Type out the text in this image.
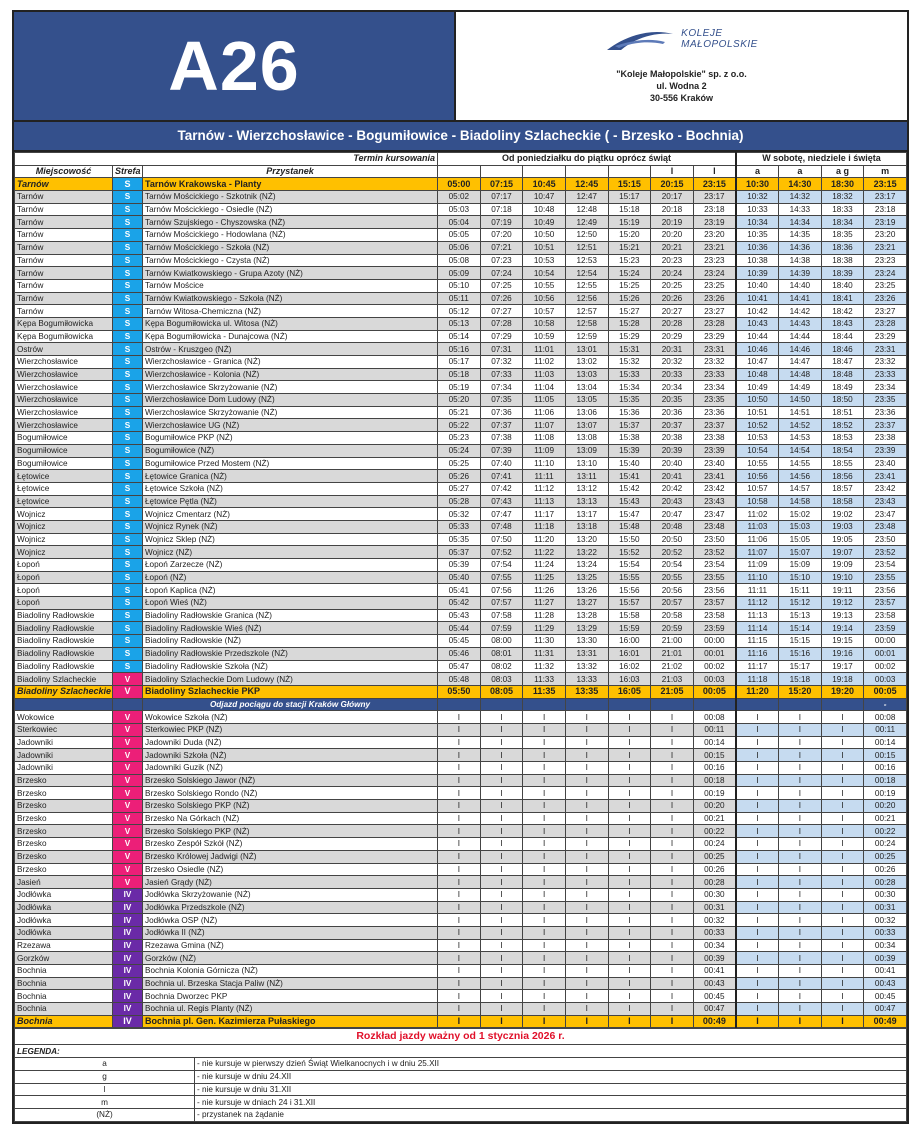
A26	KOLEJE
MAŁOPOLSKIE
"Koleje Małopolskie" sp. z o.o.
ul. Wodna 2
30-556 Kraków
Tarnów - Wierzchosławice - Bogumiłowice - Biadoliny Szlacheckie ( - Brzesko - Bochnia)
Termin kursowania			Od poniedziałku do piątku oprócz świąt							W sobotę, niedziele i święta			
Miejscowość	Strefa	Przystanek						l	l	a	a	a g	m
Tarnów	S	Tarnów Krakowska - Planty	05:00	07:15	10:45	12:45	15:15	20:15	23:15	10:30	14:30	18:30	23:15
Tarnów	S	Tarnów Mościckiego - Szkotnik (NŻ)	05:02	07:17	10:47	12:47	15:17	20:17	23:17	10:32	14:32	18:32	23:17
Tarnów	S	Tarnów Mościckiego - Osiedle (NŻ)	05:03	07:18	10:48	12:48	15:18	20:18	23:18	10:33	14:33	18:33	23:18
Tarnów	S	Tarnów Szujskiego - Chyszowska (NŻ)	05:04	07:19	10:49	12:49	15:19	20:19	23:19	10:34	14:34	18:34	23:19
Tarnów	S	Tarnów Mościckiego - Hodowlana (NŻ)	05:05	07:20	10:50	12:50	15:20	20:20	23:20	10:35	14:35	18:35	23:20
Tarnów	S	Tarnów Mościckiego - Szkoła (NŻ)	05:06	07:21	10:51	12:51	15:21	20:21	23:21	10:36	14:36	18:36	23:21
Tarnów	S	Tarnów Mościckiego - Czysta (NŻ)	05:08	07:23	10:53	12:53	15:23	20:23	23:23	10:38	14:38	18:38	23:23
Tarnów	S	Tarnów Kwiatkowskiego - Grupa Azoty (NŻ)	05:09	07:24	10:54	12:54	15:24	20:24	23:24	10:39	14:39	18:39	23:24
Tarnów	S	Tarnów Mościce	05:10	07:25	10:55	12:55	15:25	20:25	23:25	10:40	14:40	18:40	23:25
Tarnów	S	Tarnów Kwiatkowskiego - Szkoła (NŻ)	05:11	07:26	10:56	12:56	15:26	20:26	23:26	10:41	14:41	18:41	23:26
Tarnów	S	Tarnów Witosa-Chemiczna (NŻ)	05:12	07:27	10:57	12:57	15:27	20:27	23:27	10:42	14:42	18:42	23:27
Kępa Bogumiłowicka	S	Kępa Bogumiłowicka ul. Witosa (NŻ)	05:13	07:28	10:58	12:58	15:28	20:28	23:28	10:43	14:43	18:43	23:28
Kępa Bogumiłowicka	S	Kępa Bogumiłowicka - Dunajcowa (NŻ)	05:14	07:29	10:59	12:59	15:29	20:29	23:29	10:44	14:44	18:44	23:29
Ostrów	S	Ostrów - Kruszgeo (NŻ)	05:16	07:31	11:01	13:01	15:31	20:31	23:31	10:46	14:46	18:46	23:31
Wierzchosławice	S	Wierzchosławice - Granica (NŻ)	05:17	07:32	11:02	13:02	15:32	20:32	23:32	10:47	14:47	18:47	23:32
Wierzchosławice	S	Wierzchosławice - Kolonia (NŻ)	05:18	07:33	11:03	13:03	15:33	20:33	23:33	10:48	14:48	18:48	23:33
Wierzchosławice	S	Wierzchosławice Skrzyżowanie (NŻ)	05:19	07:34	11:04	13:04	15:34	20:34	23:34	10:49	14:49	18:49	23:34
Wierzchosławice	S	Wierzchosławice Dom Ludowy (NŻ)	05:20	07:35	11:05	13:05	15:35	20:35	23:35	10:50	14:50	18:50	23:35
Wierzchosławice	S	Wierzchosławice Skrzyżowanie (NŻ)	05:21	07:36	11:06	13:06	15:36	20:36	23:36	10:51	14:51	18:51	23:36
Wierzchosławice	S	Wierzchosławice UG (NŻ)	05:22	07:37	11:07	13:07	15:37	20:37	23:37	10:52	14:52	18:52	23:37
Bogumiłowice	S	Bogumiłowice PKP (NŻ)	05:23	07:38	11:08	13:08	15:38	20:38	23:38	10:53	14:53	18:53	23:38
Bogumiłowice	S	Bogumiłowice (NŻ)	05:24	07:39	11:09	13:09	15:39	20:39	23:39	10:54	14:54	18:54	23:39
Bogumiłowice	S	Bogumiłowice Przed Mostem (NŻ)	05:25	07:40	11:10	13:10	15:40	20:40	23:40	10:55	14:55	18:55	23:40
Łętowice	S	Łętowice Granica (NŻ)	05:26	07:41	11:11	13:11	15:41	20:41	23:41	10:56	14:56	18:56	23:41
Łętowice	S	Łętowice Szkoła (NŻ)	05:27	07:42	11:12	13:12	15:42	20:42	23:42	10:57	14:57	18:57	23:42
Łętowice	S	Łętowice Pętla (NŻ)	05:28	07:43	11:13	13:13	15:43	20:43	23:43	10:58	14:58	18:58	23:43
Wojnicz	S	Wojnicz Cmentarz (NŻ)	05:32	07:47	11:17	13:17	15:47	20:47	23:47	11:02	15:02	19:02	23:47
Wojnicz	S	Wojnicz Rynek (NŻ)	05:33	07:48	11:18	13:18	15:48	20:48	23:48	11:03	15:03	19:03	23:48
Wojnicz	S	Wojnicz Sklep (NŻ)	05:35	07:50	11:20	13:20	15:50	20:50	23:50	11:06	15:05	19:05	23:50
Wojnicz	S	Wojnicz (NŻ)	05:37	07:52	11:22	13:22	15:52	20:52	23:52	11:07	15:07	19:07	23:52
Łopoń	S	Łopoń Zarzecze (NŻ)	05:39	07:54	11:24	13:24	15:54	20:54	23:54	11:09	15:09	19:09	23:54
Łopoń	S	Łopoń (NŻ)	05:40	07:55	11:25	13:25	15:55	20:55	23:55	11:10	15:10	19:10	23:55
Łopoń	S	Łopoń Kaplica (NŻ)	05:41	07:56	11:26	13:26	15:56	20:56	23:56	11:11	15:11	19:11	23:56
Łopoń	S	Łopoń Wieś (NŻ)	05:42	07:57	11:27	13:27	15:57	20:57	23:57	11:12	15:12	19:12	23:57
Biadoliny Radłowskie	S	Biadoliny Radłowskie Granica (NŻ)	05:43	07:58	11:28	13:28	15:58	20:58	23:58	11:13	15:13	19:13	23:58
Biadoliny Radłowskie	S	Biadoliny Radłowskie Wieś (NŻ)	05:44	07:59	11:29	13:29	15:59	20:59	23:59	11:14	15:14	19:14	23:59
Biadoliny Radłowskie	S	Biadoliny Radłowskie (NŻ)	05:45	08:00	11:30	13:30	16:00	21:00	00:00	11:15	15:15	19:15	00:00
Biadoliny Radłowskie	S	Biadoliny Radłowskie Przedszkole (NŻ)	05:46	08:01	11:31	13:31	16:01	21:01	00:01	11:16	15:16	19:16	00:01
Biadoliny Radłowskie	S	Biadoliny Radłowskie Szkoła (NŻ)	05:47	08:02	11:32	13:32	16:02	21:02	00:02	11:17	15:17	19:17	00:02
Biadoliny Szlacheckie	V	Biadoliny Szlacheckie Dom Ludowy (NŻ)	05:48	08:03	11:33	13:33	16:03	21:03	00:03	11:18	15:18	19:18	00:03
Biadoliny Szlacheckie	V	Biadoliny Szlacheckie PKP	05:50	08:05	11:35	13:35	16:05	21:05	00:05	11:20	15:20	19:20	00:05
		Odjazd pociągu do stacji Kraków Główny											-
Wokowice	V	Wokowice Szkoła (NŻ)	I	I	I	I	I	I	00:08	I	I	I	00:08
Sterkowiec	V	Sterkowiec PKP (NŻ)	I	I	I	I	I	I	00:11	I	I	I	00:11
Jadowniki	V	Jadowniki Duda (NŻ)	I	I	I	I	I	I	00:14	I	I	I	00:14
Jadowniki	V	Jadowniki Szkoła (NŻ)	I	I	I	I	I	I	00:15	I	I	I	00:15
Jadowniki	V	Jadowniki Guzik (NŻ)	I	I	I	I	I	I	00:16	I	I	I	00:16
Brzesko	V	Brzesko Solskiego Jawor (NŻ)	I	I	I	I	I	I	00:18	I	I	I	00:18
Brzesko	V	Brzesko Solskiego Rondo (NŻ)	I	I	I	I	I	I	00:19	I	I	I	00:19
Brzesko	V	Brzesko Solskiego PKP (NŻ)	I	I	I	I	I	I	00:20	I	I	I	00:20
Brzesko	V	Brzesko Na Górkach (NŻ)	I	I	I	I	I	I	00:21	I	I	I	00:21
Brzesko	V	Brzesko Solskiego PKP (NŻ)	I	I	I	I	I	I	00:22	I	I	I	00:22
Brzesko	V	Brzesko Zespół Szkół (NŻ)	I	I	I	I	I	I	00:24	I	I	I	00:24
Brzesko	V	Brzesko Królowej Jadwigi (NŻ)	I	I	I	I	I	I	00:25	I	I	I	00:25
Brzesko	V	Brzesko Osiedle (NŻ)	I	I	I	I	I	I	00:26	I	I	I	00:26
Jasień	V	Jasień Grądy (NŻ)	I	I	I	I	I	I	00:28	I	I	I	00:28
Jodłówka	IV	Jodłówka Skrzyżowanie (NŻ)	I	I	I	I	I	I	00:30	I	I	I	00:30
Jodłówka	IV	Jodłówka Przedszkole (NŻ)	I	I	I	I	I	I	00:31	I	I	I	00:31
Jodłówka	IV	Jodłówka OSP (NŻ)	I	I	I	I	I	I	00:32	I	I	I	00:32
Jodłówka	IV	Jodłówka II (NŻ)	I	I	I	I	I	I	00:33	I	I	I	00:33
Rzezawa	IV	Rzezawa Gmina (NŻ)	I	I	I	I	I	I	00:34	I	I	I	00:34
Gorzków	IV	Gorzków (NŻ)	I	I	I	I	I	I	00:39	I	I	I	00:39
Bochnia	IV	Bochnia Kolonia Górnicza (NŻ)	I	I	I	I	I	I	00:41	I	I	I	00:41
Bochnia	IV	Bochnia ul. Brzeska Stacja Paliw (NŻ)	I	I	I	I	I	I	00:43	I	I	I	00:43
Bochnia	IV	Bochnia Dworzec PKP	I	I	I	I	I	I	00:45	I	I	I	00:45
Bochnia	IV	Bochnia ul. Regis Planty (NŻ)	I	I	I	I	I	I	00:47	I	I	I	00:47
Bochnia	IV	Bochnia pl. Gen. Kazimierza Pułaskiego	I	I	I	I	I	I	00:49	I	I	I	00:49
Rozkład jazdy ważny od 1 stycznia 2026 r.	
LEGENDA:	
a	- nie kursuje w pierwszy dzień Świąt Wielkanocnych i w dniu 25.XII
g	- nie kursuje w dniu 24.XII
l	- nie kursuje w dniu 31.XII
m	- nie kursuje w dniach 24 i 31.XII
(NŻ)	- przystanek na żądanie
